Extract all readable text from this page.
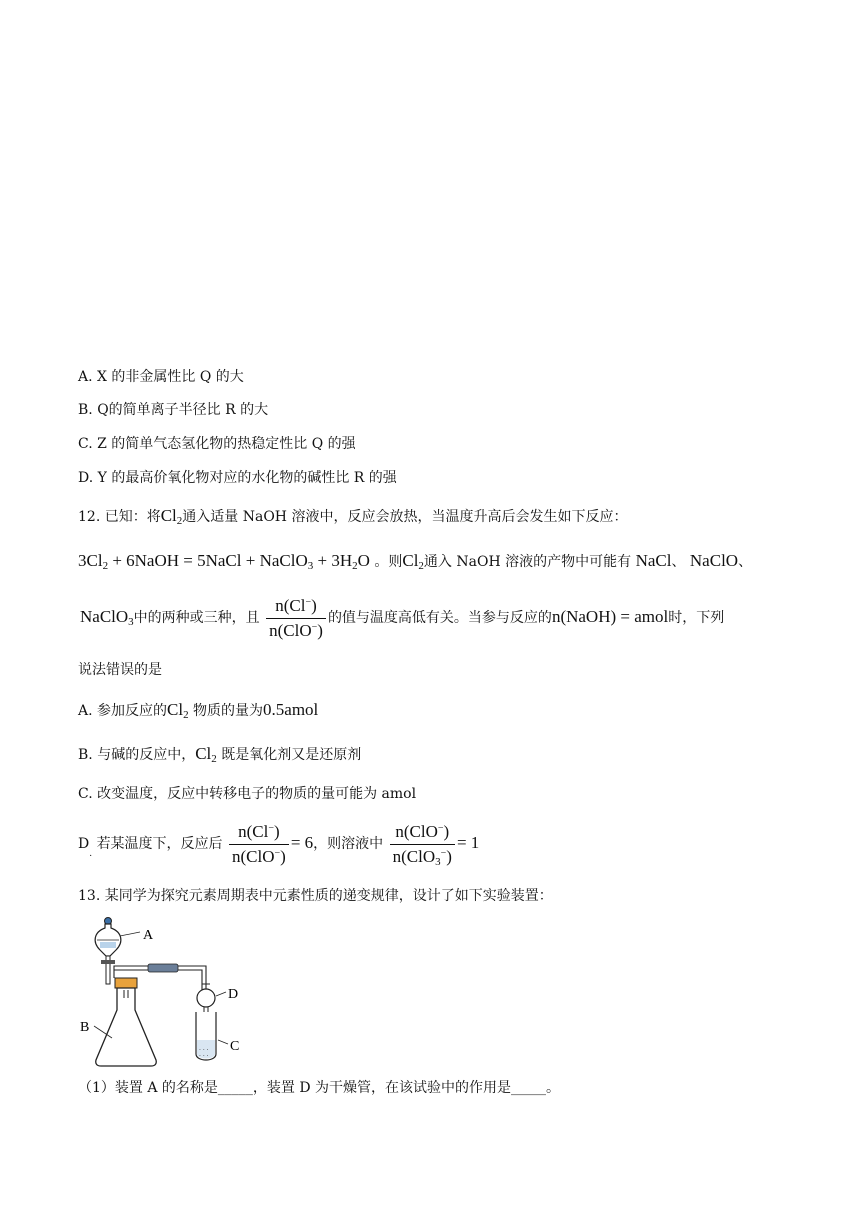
A. X 的非金属性比 Q 的大
B. Q的简单离子半径比 R 的大
C. Z 的简单气态氢化物的热稳定性比 Q 的强
D. Y 的最高价氧化物对应的水化物的碱性比 R 的强
12. 已知：将$Cl_2$通入适量 NaOH 溶液中，反应会放热，当温度升高后会发生如下反应：
$3Cl_2$ + 6NaOH = 5NaCl + NaClO$_3$ + $3H_2O$ 。则$Cl_2$通入 NaOH 溶液的产物中可能有 NaCl、 NaClO、
NaClO$_3$中的两种或三种，且 $\frac{n(Cl^-)}{n(ClO^-)}$ 的值与温度高低有关。当参与反应的n(NaOH) = amol时，下列
说法错误的是
A. 参加反应的$Cl_2$ 物质的量为0.5amol
B. 与碱的反应中，$Cl_2$ 既是氧化剂又是还原剂
C. 改变温度，反应中转移电子的物质的量可能为 amol
$D_.$ 若某温度下，反应后 $\frac{n(Cl^-)}{n(ClO^-)} = 6$，则溶液中 $\frac{n(ClO^-)}{n(ClO_3^-)} = 1$
13. 某同学为探究元素周期表中元素性质的递变规律，设计了如下实验装置：
A
B
D
. . .
. . .
C
（1）装置 A 的名称是_____，装置 D 为干燥管，在该试验中的作用是_____。
